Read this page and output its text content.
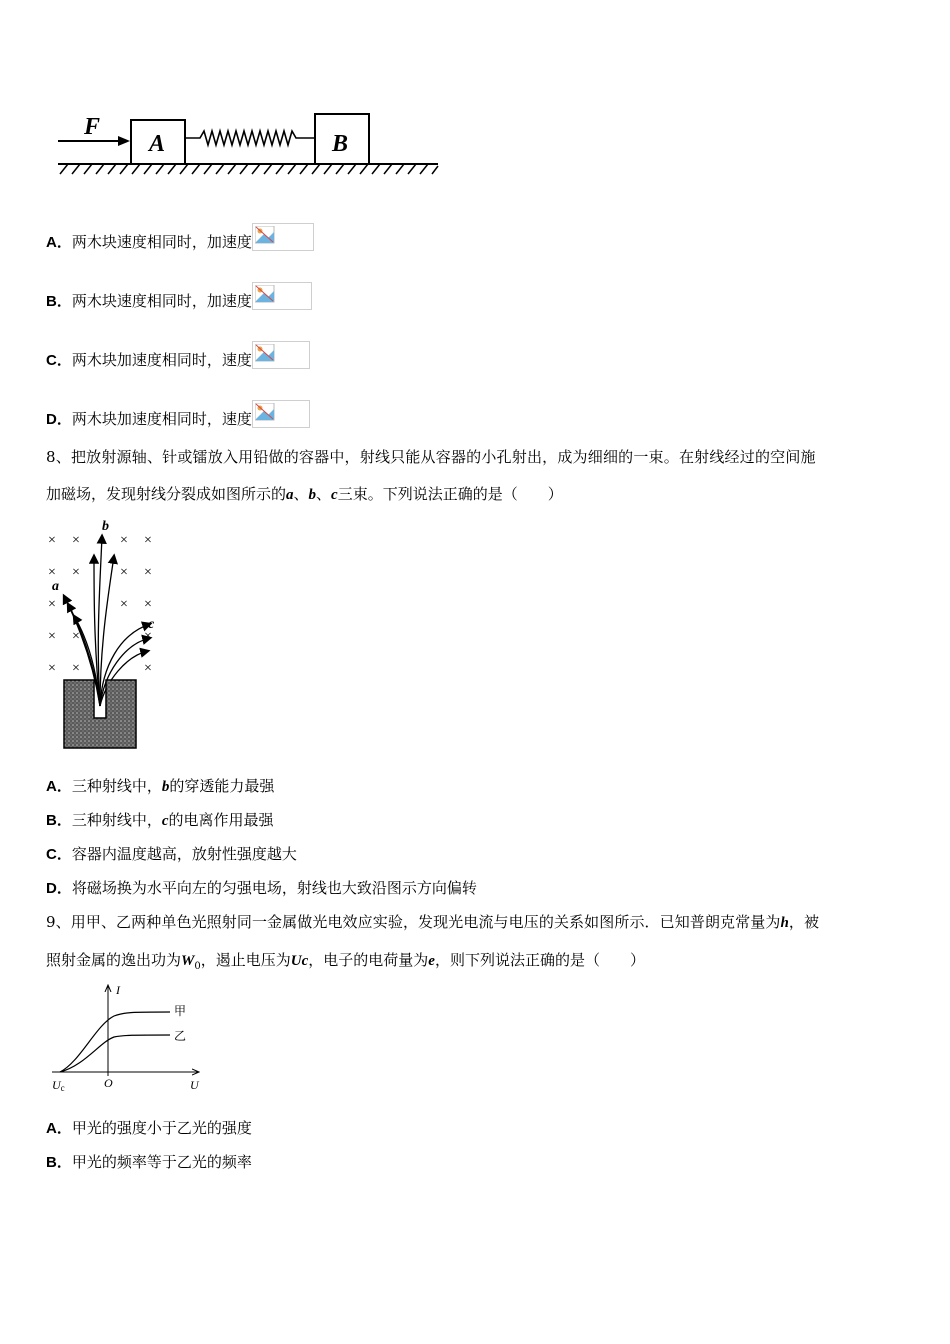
F
A	B
A．两木块速度相同时，加速度
B．两木块速度相同时，加速度
C．两木块加速度相同时，速度
D．两木块加速度相同时，速度
8、把放射源轴、针或镭放入用铅做的容器中，射线只能从容器的小孔射出，成为细细的一束。在射线经过的空间施
加磁场，发现射线分裂成如图所示的a、b、c三束。下列说法正确的是（　　）
× ×	× ×
× ×	× ×
×	× ×
× ×	×
× ×	×
a
b
c
A．三种射线中，b的穿透能力最强
B．三种射线中，c的电离作用最强
C．容器内温度越高，放射性强度越大
D．将磁场换为水平向左的匀强电场，射线也大致沿图示方向偏转
9、用甲、乙两种单色光照射同一金属做光电效应实验，发现光电流与电压的关系如图所示．已知普朗克常量为h，被
照射金属的逸出功为$W_0$，遏止电压为Uc，电子的电荷量为e，则下列说法正确的是（　　）
I
U
O
Uc
甲
乙
A．甲光的强度小于乙光的强度
B．甲光的频率等于乙光的频率
